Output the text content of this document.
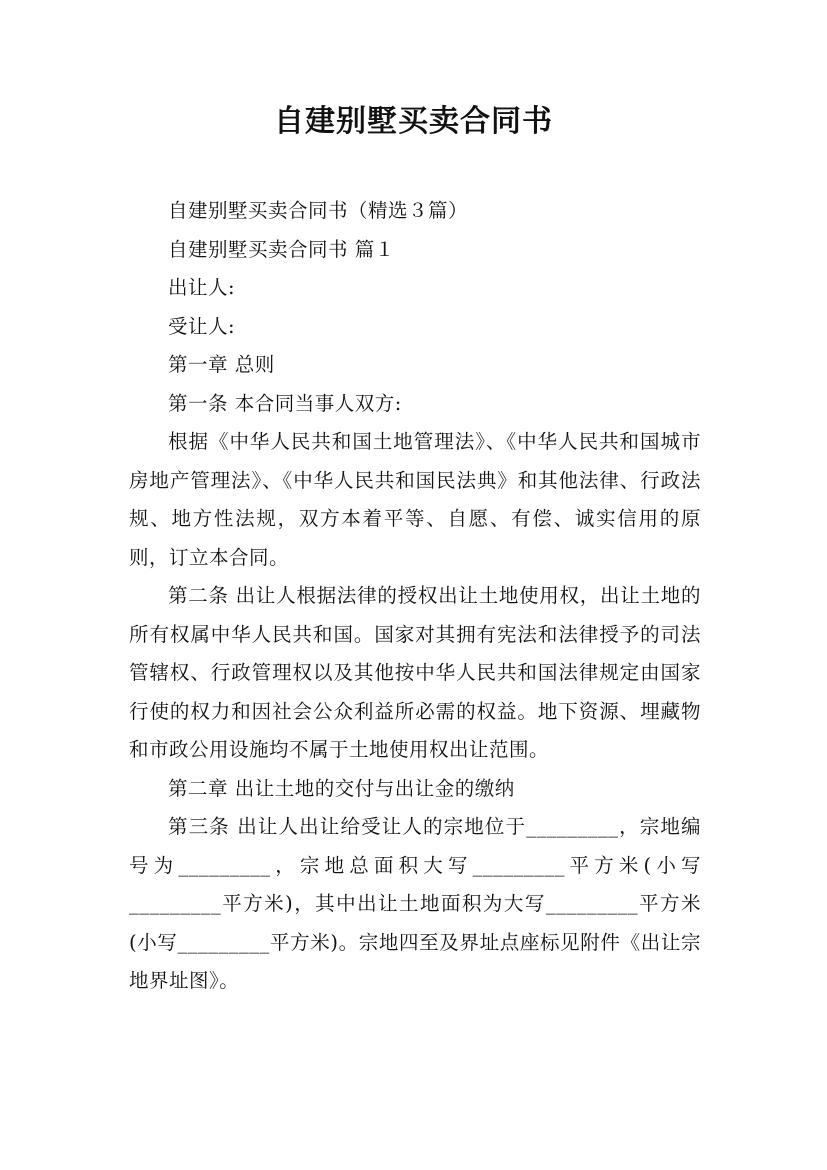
自建别墅买卖合同书

自建别墅买卖合同书（精选３篇）

自建别墅买卖合同书 篇１

出让人:

受让人:

第一章 总则

第一条 本合同当事人双方:

根据《中华人民共和国土地管理法》、《中华人民共和国城市房地产管理法》、《中华人民共和国民法典》和其他法律、行政法规、地方性法规，双方本着平等、自愿、有偿、诚实信用的原则，订立本合同。

第二条 出让人根据法律的授权出让土地使用权，出让土地的所有权属中华人民共和国。国家对其拥有宪法和法律授予的司法管辖权、行政管理权以及其他按中华人民共和国法律规定由国家行使的权力和因社会公众利益所必需的权益。地下资源、埋藏物和市政公用设施均不属于土地使用权出让范围。

第二章 出让土地的交付与出让金的缴纳

第三条 出让人出让给受让人的宗地位于_________，宗地编号为_________，宗地总面积大写_________平方米(小写_________平方米)，其中出让土地面积为大写_________平方米(小写_________平方米)。宗地四至及界址点座标见附件《出让宗地界址图》。
